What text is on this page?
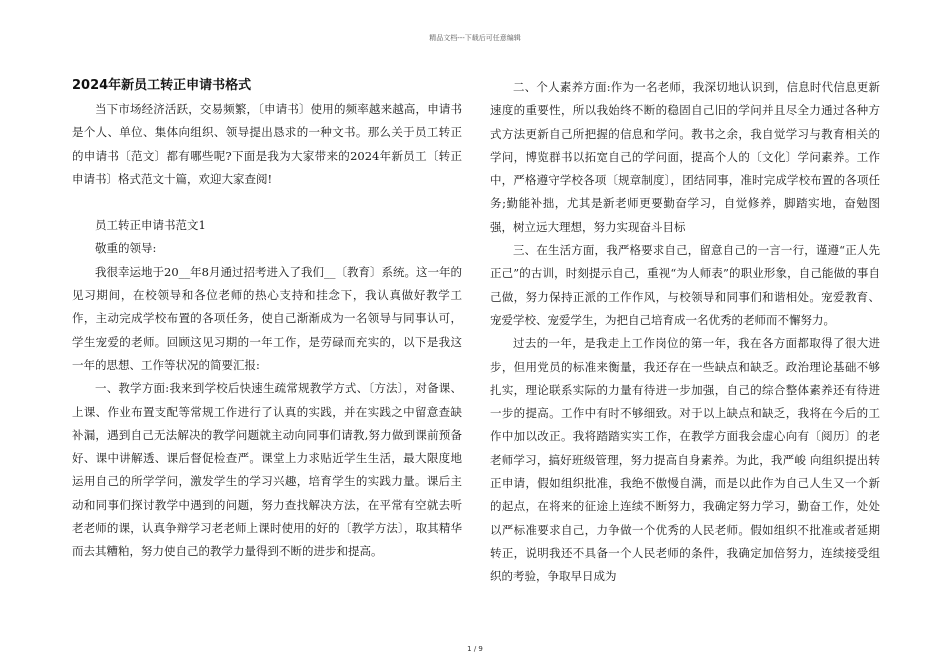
精品文档---下载后可任意编辑
2024年新员工转正申请书格式

当下市场经济活跃，交易频繁，〔申请书〕使用的频率越来越高，申请书是个人、单位、集体向组织、领导提出恳求的一种文书。那么关于员工转正的申请书〔范文〕都有哪些呢?下面是我为大家带来的2024年新员工〔转正申请书〕格式范文十篇，欢迎大家查阅!

员工转正申请书范文1

敬重的领导:

我很幸运地于20__年8月通过招考进入了我们__〔教育〕系统。这一年的见习期间，在校领导和各位老师的热心支持和挂念下，我认真做好教学工作，主动完成学校布置的各项任务，使自己渐渐成为一名领导与同事认可，学生宠爱的老师。回顾这见习期的一年工作，是劳碌而充实的，以下是我这一年的思想、工作等状况的简要汇报:

一、教学方面:我来到学校后快速生疏常规教学方式、〔方法〕，对备课、上课、作业布置支配等常规工作进行了认真的实践，并在实践之中留意查缺补漏，遇到自己无法解决的教学问题就主动向同事们请教,努力做到课前预备好、课中讲解透、课后督促检查严。课堂上力求贴近学生生活，最大限度地运用自己的所学学问，激发学生的学习兴趣，培育学生的实践力量。课后主动和同事们探讨教学中遇到的问题，努力查找解决方法，在平常有空就去听老老师的课，认真争辩学习老老师上课时使用的好的〔教学方法〕，取其精华而去其糟粕，努力使自己的教学力量得到不断的进步和提高。

二、个人素养方面:作为一名老师，我深切地认识到，信息时代信息更新速度的重要性，所以我始终不断的稳固自己旧的学问并且尽全力通过各种方式方法更新自己所把握的信息和学问。教书之余，我自觉学习与教育相关的学问，博览群书以拓宽自己的学问面，提高个人的〔文化〕学问素养。工作中，严格遵守学校各项〔规章制度〕，团结同事，准时完成学校布置的各项任务;勤能补拙，尤其是新老师更要勤奋学习，自觉修养，脚踏实地，奋勉图强，树立远大理想，努力实现奋斗目标

三、在生活方面，我严格要求自己，留意自己的一言一行，谨遵“正人先正己”的古训，时刻提示自己，重视“为人师表”的职业形象，自己能做的事自己做，努力保持正派的工作作风，与校领导和同事们和谐相处。宠爱教育、宠爱学校、宠爱学生，为把自己培育成一名优秀的老师而不懈努力。

过去的一年，是我走上工作岗位的第一年，我在各方面都取得了很大进步，但用党员的标准来衡量，我还存在一些缺点和缺乏。政治理论基础不够扎实，理论联系实际的力量有待进一步加强，自己的综合整体素养还有待进一步的提高。工作中有时不够细致。对于以上缺点和缺乏，我将在今后的工作中加以改正。我将踏踏实实工作，在教学方面我会虚心向有〔阅历〕的老老师学习，搞好班级管理，努力提高自身素养。为此，我严峻 向组织提出转正申请，假如组织批准，我绝不傲慢自满，而是以此作为自己人生又一个新的起点，在将来的征途上连续不断努力，我确定努力学习，勤奋工作，处处以严标准要求自己，力争做一个优秀的人民老师。假如组织不批准或者延期转正，说明我还不具备一个人民老师的条件，我确定加倍努力，连续接受组织的考验，争取早日成为

1 / 9
